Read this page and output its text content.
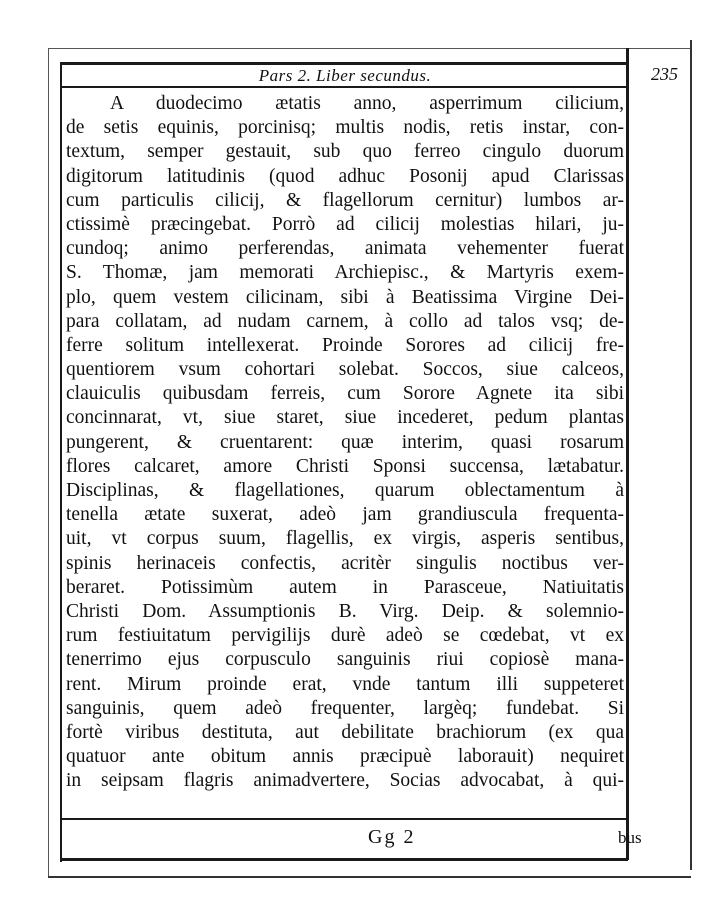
Pars 2. Liber secundus.	235
A duodecimo ætatis anno, asperrimum cilicium,
de setis equinis, porcinisq; multis nodis, retis instar, con-
textum, semper gestauit, sub quo ferreo cingulo duorum
digitorum latitudinis (quod adhuc Posonij apud Clarissas
cum particulis cilicij, & flagellorum cernitur) lumbos ar-
ctissimè præcingebat. Porrò ad cilicij molestias hilari, ju-
cundoq; animo perferendas, animata vehementer fuerat
S. Thomæ, jam memorati Archiepisc., & Martyris exem-
plo, quem vestem cilicinam, sibi à Beatissima Virgine Dei-
para collatam, ad nudam carnem, à collo ad talos vsq; de-
ferre solitum intellexerat. Proinde Sorores ad cilicij fre-
quentiorem vsum cohortari solebat. Soccos, siue calceos,
clauiculis quibusdam ferreis, cum Sorore Agnete ita sibi
concinnarat, vt, siue staret, siue incederet, pedum plantas
pungerent, & cruentarent: quæ interim, quasi rosarum
flores calcaret, amore Christi Sponsi succensa, lætabatur.
Disciplinas, & flagellationes, quarum oblectamentum à
tenella ætate suxerat, adeò jam grandiuscula frequenta-
uit, vt corpus suum, flagellis, ex virgis, asperis sentibus,
spinis herinaceis confectis, acritèr singulis noctibus ver-
beraret. Potissimùm autem in Parasceue, Natiuitatis
Christi Dom. Assumptionis B. Virg. Deip. & solemnio-
rum festiuitatum pervigilijs durè adeò se cœdebat, vt ex
tenerrimo ejus corpusculo sanguinis riui copiosè mana-
rent. Mirum proinde erat, vnde tantum illi suppeteret
sanguinis, quem adeò frequenter, largèq; fundebat. Si
fortè viribus destituta, aut debilitate brachiorum (ex qua
quatuor ante obitum annis præcipuè laborauit) nequiret
in seipsam flagris animadvertere, Socias advocabat, à qui-
Gg 2	bus
